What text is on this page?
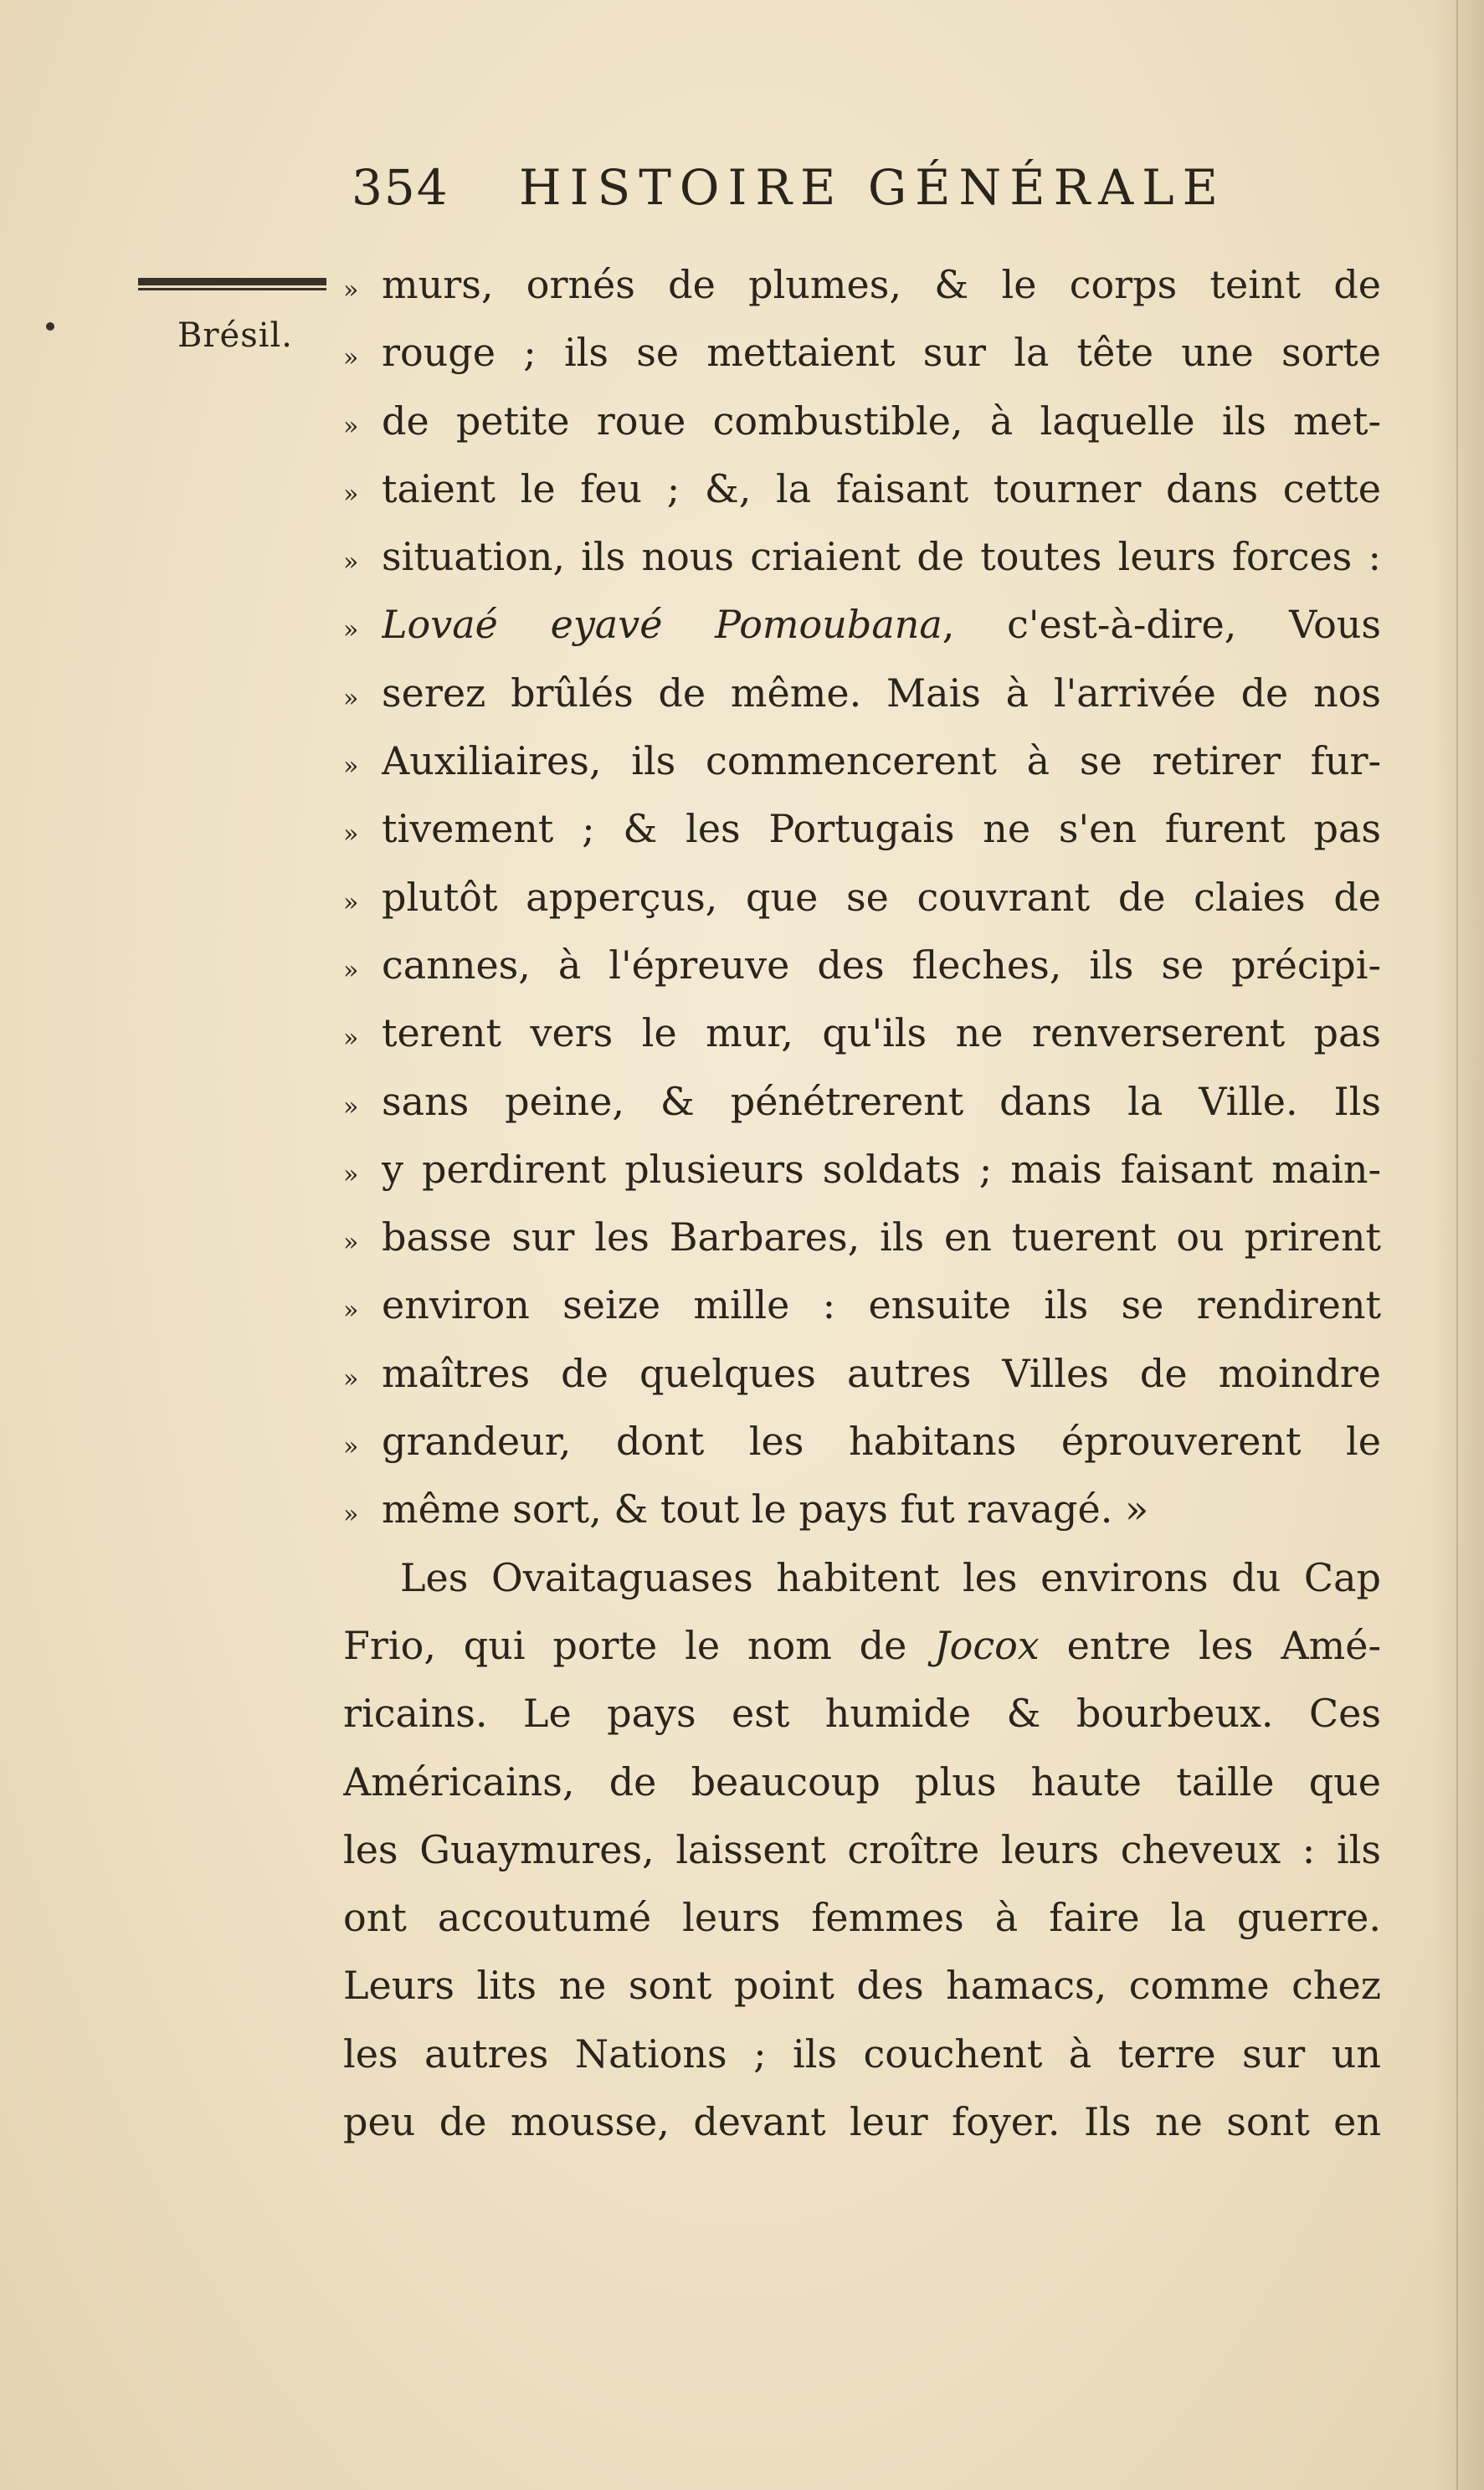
354 HISTOIRE GÉNÉRALE
Brésil.
» murs, ornés de plumes, & le corps teint de
» rouge ; ils se mettaient sur la tête une sorte
» de petite roue combustible, à laquelle ils met-
» taient le feu ; &, la faisant tourner dans cette
» situation, ils nous criaient de toutes leurs forces :
» Lovaé eyavé Pomoubana, c'est-à-dire, Vous
» serez brûlés de même. Mais à l'arrivée de nos
» Auxiliaires, ils commencerent à se retirer fur-
» tivement ; & les Portugais ne s'en furent pas
» plutôt apperçus, que se couvrant de claies de
» cannes, à l'épreuve des fleches, ils se précipi-
» terent vers le mur, qu'ils ne renverserent pas
» sans peine, & pénétrerent dans la Ville. Ils
» y perdirent plusieurs soldats ; mais faisant main-
» basse sur les Barbares, ils en tuerent ou prirent
» environ seize mille : ensuite ils se rendirent
» maîtres de quelques autres Villes de moindre
» grandeur, dont les habitans éprouverent le
» même sort, & tout le pays fut ravagé. »
Les Ovaitaguases habitent les environs du Cap
Frio, qui porte le nom de Jocox entre les Amé-
ricains. Le pays est humide & bourbeux. Ces
Américains, de beaucoup plus haute taille que
les Guaymures, laissent croître leurs cheveux : ils
ont accoutumé leurs femmes à faire la guerre.
Leurs lits ne sont point des hamacs, comme chez
les autres Nations ; ils couchent à terre sur un
peu de mousse, devant leur foyer. Ils ne sont en
